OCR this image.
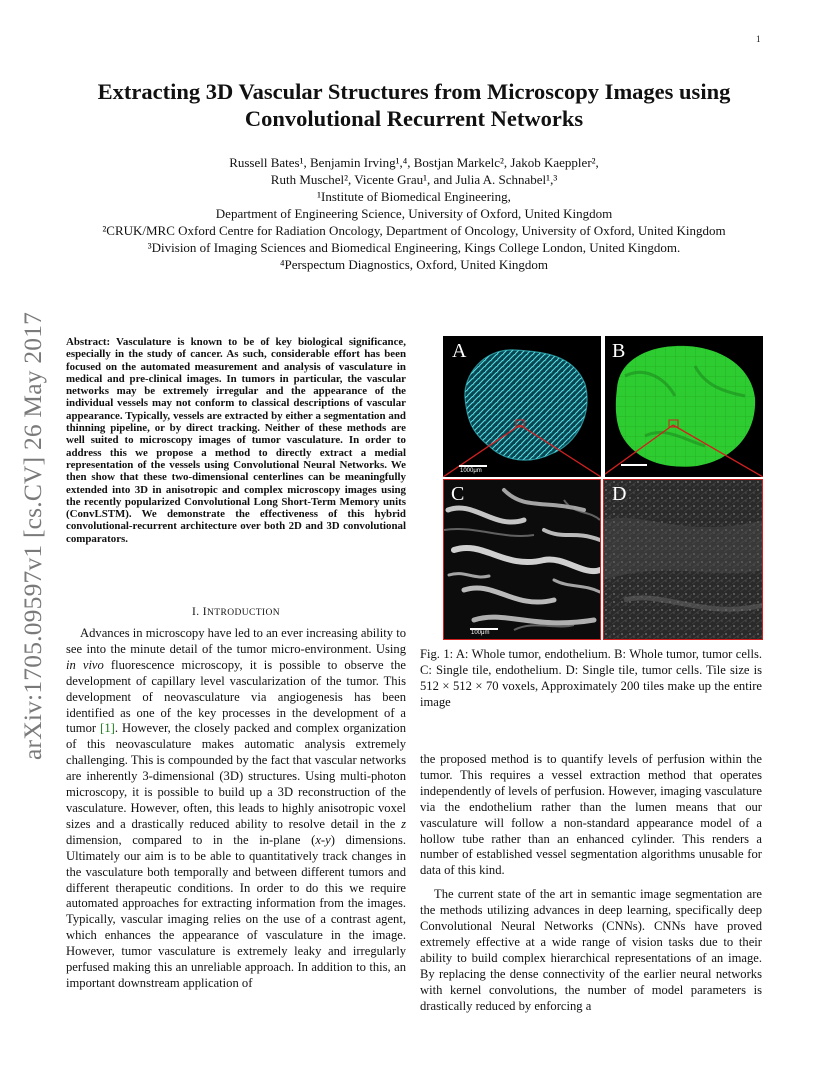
1
arXiv:1705.09597v1 [cs.CV] 26 May 2017
Extracting 3D Vascular Structures from Microscopy Images using Convolutional Recurrent Networks
Russell Bates¹, Benjamin Irving¹,⁴, Bostjan Markelc², Jakob Kaeppler²,
Ruth Muschel², Vicente Grau¹, and Julia A. Schnabel¹,³
¹Institute of Biomedical Engineering,
Department of Engineering Science, University of Oxford, United Kingdom
²CRUK/MRC Oxford Centre for Radiation Oncology, Department of Oncology, University of Oxford, United Kingdom
³Division of Imaging Sciences and Biomedical Engineering, Kings College London, United Kingdom.
⁴Perspectum Diagnostics, Oxford, United Kingdom
Abstract: Vasculature is known to be of key biological significance, especially in the study of cancer. As such, considerable effort has been focused on the automated measurement and analysis of vasculature in medical and pre-clinical images. In tumors in particular, the vascular networks may be extremely irregular and the appearance of the individual vessels may not conform to classical descriptions of vascular appearance. Typically, vessels are extracted by either a segmentation and thinning pipeline, or by direct tracking. Neither of these methods are well suited to microscopy images of tumor vasculature. In order to address this we propose a method to directly extract a medial representation of the vessels using Convolutional Neural Networks. We then show that these two-dimensional centerlines can be meaningfully extended into 3D in anisotropic and complex microscopy images using the recently popularized Convolutional Long Short-Term Memory units (ConvLSTM). We demonstrate the effectiveness of this hybrid convolutional-recurrent architecture over both 2D and 3D convolutional comparators.
I. INTRODUCTION

Advances in microscopy have led to an ever increasing ability to see into the minute detail of the tumor micro-environment. Using in vivo fluorescence microscopy, it is possible to observe the development of capillary level vascularization of the tumor. This development of neovasculature via angiogenesis has been identified as one of the key processes in the development of a tumor [1]. However, the closely packed and complex organization of this neovasculature makes automatic analysis extremely challenging. This is compounded by the fact that vascular networks are inherently 3-dimensional (3D) structures. Using multi-photon microscopy, it is possible to build up a 3D reconstruction of the vasculature. However, often, this leads to highly anisotropic voxel sizes and a drastically reduced ability to resolve detail in the z dimension, compared to in the in-plane (x-y) dimensions. Ultimately our aim is to be able to quantitatively track changes in the vasculature both temporally and between different tumors and different therapeutic conditions. In order to do this we require automated approaches for extracting information from the images. Typically, vascular imaging relies on the use of a contrast agent, which enhances the appearance of vasculature in the image. However, tumor vasculature is extremely leaky and irregularly perfused making this an unreliable approach. In addition to this, an important downstream application of

A
1000μm
B
C
100μm
D
Fig. 1: A: Whole tumor, endothelium. B: Whole tumor, tumor cells. C: Single tile, endothelium. D: Single tile, tumor cells. Tile size is 512 × 512 × 70 voxels, Approximately 200 tiles make up the entire image

the proposed method is to quantify levels of perfusion within the tumor. This requires a vessel extraction method that operates independently of levels of perfusion. However, imaging vasculature via the endothelium rather than the lumen means that our vasculature will follow a non-standard appearance model of a hollow tube rather than an enhanced cylinder. This renders a number of established vessel segmentation algorithms unusable for data of this kind.

The current state of the art in semantic image segmentation are the methods utilizing advances in deep learning, specifically deep Convolutional Neural Networks (CNNs). CNNs have proved extremely effective at a wide range of vision tasks due to their ability to build complex hierarchical representations of an image. By replacing the dense connectivity of the earlier neural networks with kernel convolutions, the number of model parameters is drastically reduced by enforcing a
